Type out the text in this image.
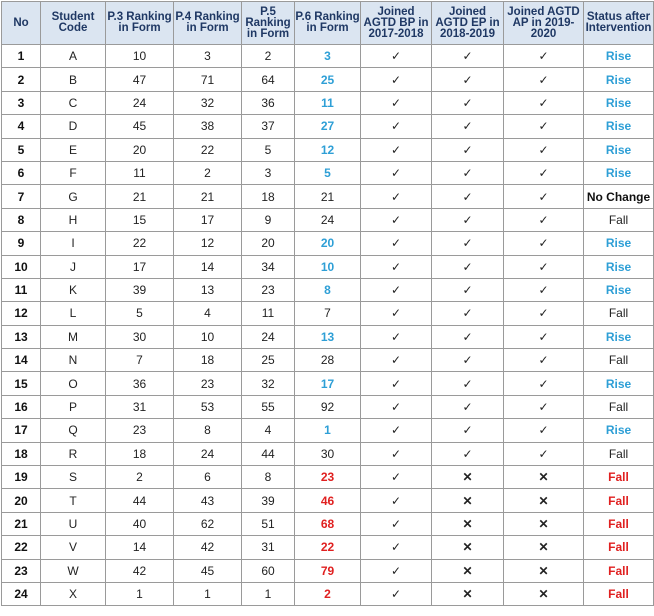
No	Student Code	P.3 Ranking in Form	P.4 Ranking in Form	P.5 Ranking in Form	P.6 Ranking in Form	Joined AGTD BP in 2017-2018	Joined AGTD EP in 2018-2019	Joined AGTD AP in 2019-2020	Status after Intervention
1	A	10	3	2	3	✓	✓	✓	Rise
2	B	47	71	64	25	✓	✓	✓	Rise
3	C	24	32	36	11	✓	✓	✓	Rise
4	D	45	38	37	27	✓	✓	✓	Rise
5	E	20	22	5	12	✓	✓	✓	Rise
6	F	11	2	3	5	✓	✓	✓	Rise
7	G	21	21	18	21	✓	✓	✓	No Change
8	H	15	17	9	24	✓	✓	✓	Fall
9	I	22	12	20	20	✓	✓	✓	Rise
10	J	17	14	34	10	✓	✓	✓	Rise
11	K	39	13	23	8	✓	✓	✓	Rise
12	L	5	4	11	7	✓	✓	✓	Fall
13	M	30	10	24	13	✓	✓	✓	Rise
14	N	7	18	25	28	✓	✓	✓	Fall
15	O	36	23	32	17	✓	✓	✓	Rise
16	P	31	53	55	92	✓	✓	✓	Fall
17	Q	23	8	4	1	✓	✓	✓	Rise
18	R	18	24	44	30	✓	✓	✓	Fall
19	S	2	6	8	23	✓	✕	✕	Fall
20	T	44	43	39	46	✓	✕	✕	Fall
21	U	40	62	51	68	✓	✕	✕	Fall
22	V	14	42	31	22	✓	✕	✕	Fall
23	W	42	45	60	79	✓	✕	✕	Fall
24	X	1	1	1	2	✓	✕	✕	Fall
